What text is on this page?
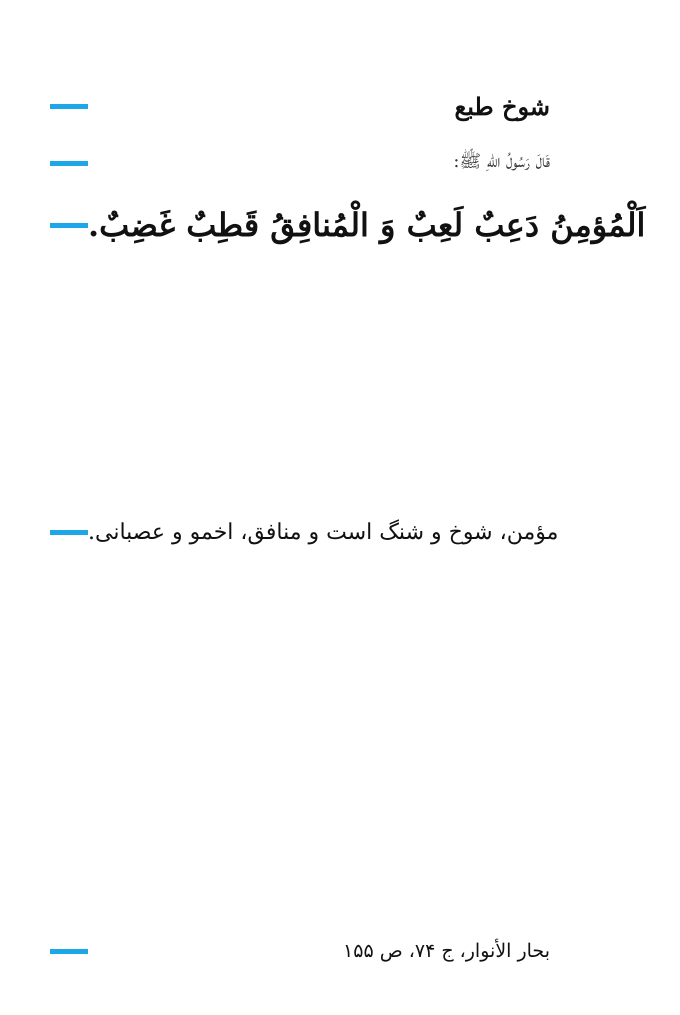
شوخ طبع
قَالَ رَسُولُ اللهِ ﷺ:
اَلْمُؤمِنُ دَعِبٌ لَعِبٌ وَ الْمُنافِقُ قَطِبٌ غَضِبٌ.
مؤمن، شوخ و شنگ است و منافق، اخمو و عصبانی.
بحار الأنوار، ج ۷۴، ص ۱۵۵
